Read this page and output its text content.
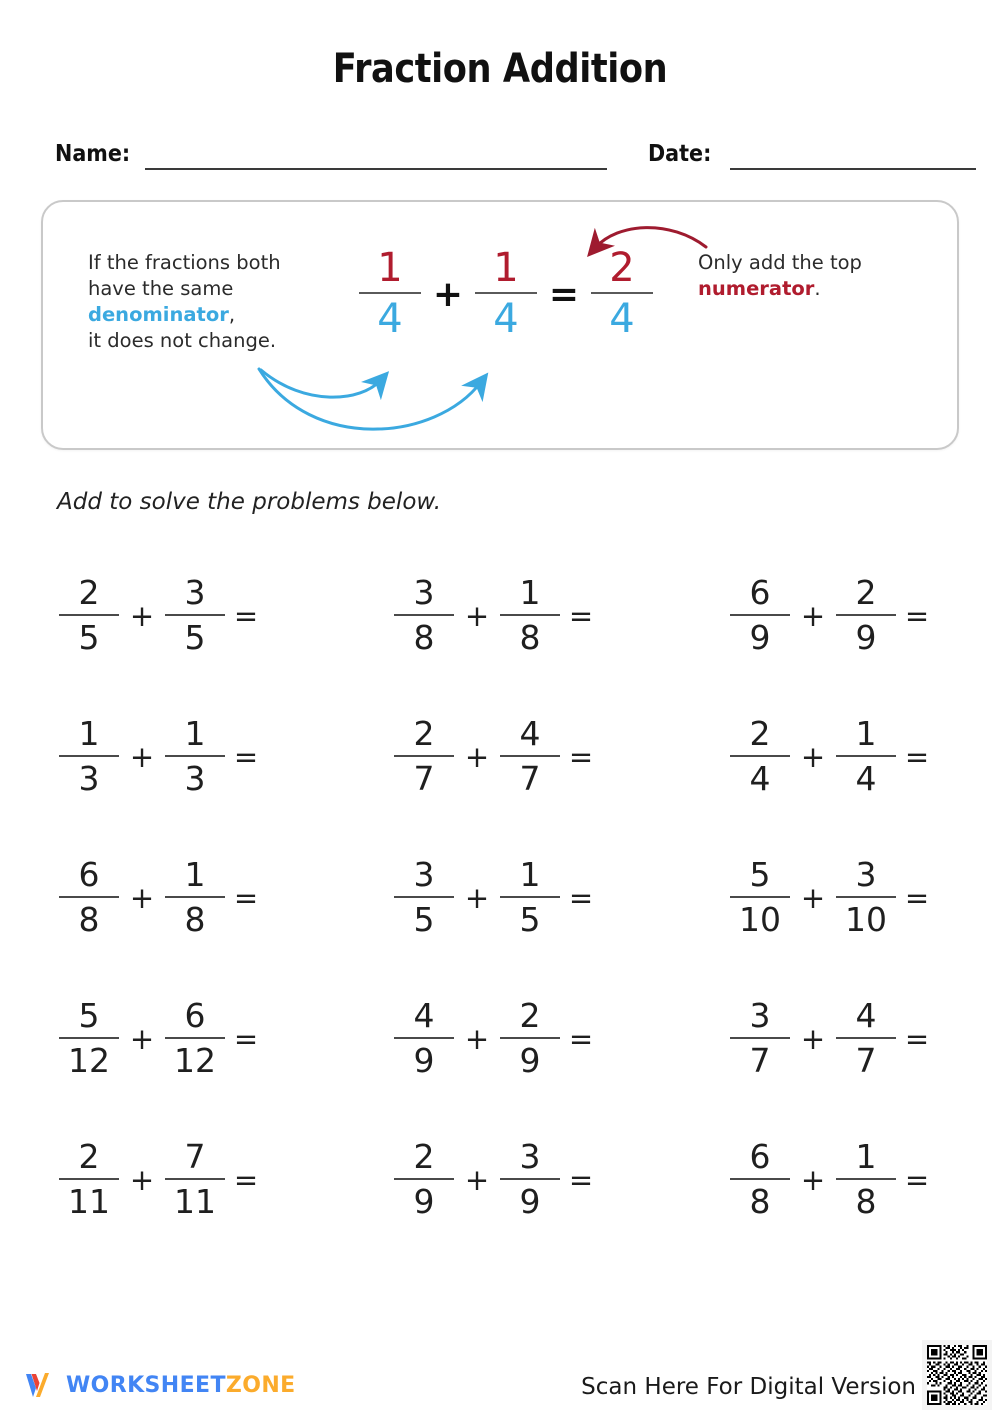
Fraction Addition
Name:	Date:
If the fractions both
have the same
denominator,
it does not change.	$\frac{1}{4} + \frac{1}{4} = \frac{2}{4}$ Only add the top
numerator.
Add to solve the problems below.
$\frac{2}{5} + \frac{3}{5}$ =	$\frac{3}{8} + \frac{1}{8}$ =	$\frac{6}{9} + \frac{2}{9}$ =
$\frac{1}{3} + \frac{1}{3}$ =	$\frac{2}{7} + \frac{4}{7}$ =	$\frac{2}{4} + \frac{1}{4}$ =
$\frac{6}{8} + \frac{1}{8}$ =	$\frac{3}{5} + \frac{1}{5}$ =	$\frac{5}{10} + \frac{3}{10}$ =
$\frac{5}{12} + \frac{6}{12}$ =	$\frac{4}{9} + \frac{2}{9}$ =	$\frac{3}{7} + \frac{4}{7}$ =
$\frac{2}{11} + \frac{7}{11}$ =	$\frac{2}{9} + \frac{3}{9}$ =	$\frac{6}{8} + \frac{1}{8}$ =
WORKSHEETZONE	Scan Here For Digital Version
